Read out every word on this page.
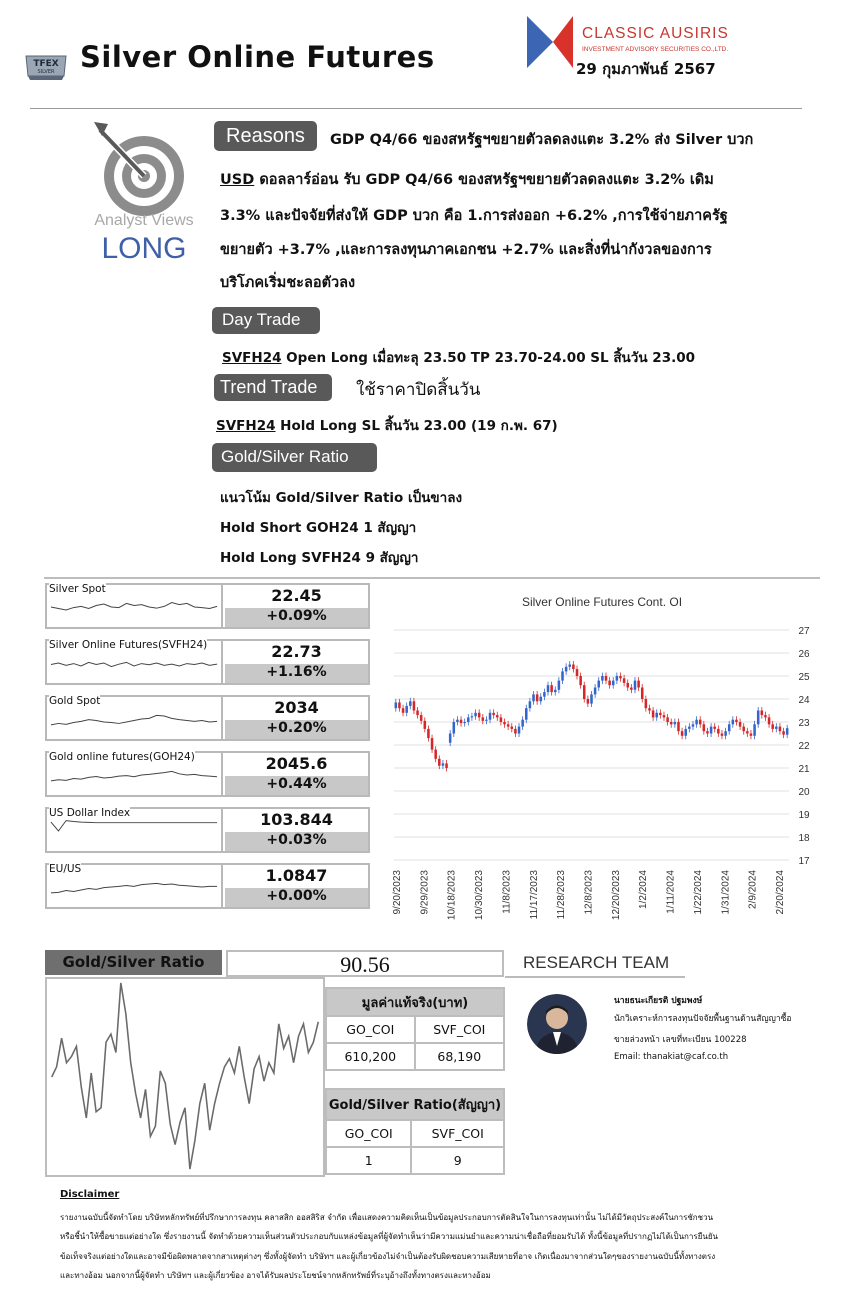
TFEX
SILVER Silver Online Futures
CLASSIC AUSIRIS
INVESTMENT ADVISORY SECURITIES CO.,LTD.
29 กุมภาพันธ์ 2567
Analyst Views
LONG
Reasons	GDP Q4/66 ของสหรัฐฯขยายตัวลดลงแตะ 3.2% ส่ง Silver บวก
USD ดอลลาร์อ่อน รับ GDP Q4/66 ของสหรัฐฯขยายตัวลดลงแตะ 3.2% เดิม
3.3% และปัจจัยที่ส่งให้ GDP บวก คือ 1.การส่งออก +6.2% ,การใช้จ่ายภาครัฐ
ขยายตัว +3.7% ,และการลงทุนภาคเอกชน +2.7% และสิ่งที่น่ากังวลของการ
บริโภคเริ่มชะลอตัวลง
Day Trade
SVFH24 Open Long เมื่อทะลุ 23.50 TP 23.70-24.00 SL สิ้นวัน 23.00
Trend Trade	ใช้ราคาปิดสิ้นวัน
SVFH24 Hold Long SL สิ้นวัน 23.00 (19 ก.พ. 67)
Gold/Silver Ratio
แนวโน้ม Gold/Silver Ratio เป็นขาลง
Hold Short GOH24 1 สัญญา
Hold Long SVFH24 9 สัญญา
Silver Spot	22.45
+0.09%
Silver Online Futures(SVFH24)	22.73
+1.16%
Gold Spot	2034
+0.20%
Gold online futures(GOH24)	2045.6
+0.44%
US Dollar Index	103.844
+0.03%
EU/US	1.0847
+0.00%
Silver Online Futures Cont. OI
17
18
19
20
21
22
23
24
25
26
27
9/20/2023 9/29/2023 10/18/2023 10/30/2023 11/8/2023 11/17/2023 11/28/2023 12/8/2023 12/20/2023 1/2/2024 1/11/2024 1/22/2024 1/31/2024 2/9/2024 2/20/2024
Gold/Silver Ratio	90.56
มูลค่าแท้จริง(บาท)	
GO_COI	SVF_COI
610,200	68,190
Gold/Silver Ratio(สัญญา)	
GO_COI	SVF_COI
1	9
RESEARCH TEAM
นายธนะเกียรติ ปฐมพงษ์
นักวิเคราะห์การลงทุนปัจจัยพื้นฐานด้านสัญญาซื้อ
ขายล่วงหน้า เลขที่ทะเบียน 100228
Email: thanakiat@caf.co.th
Disclaimer
รายงานฉบับนี้จัดทำโดย บริษัทหลักทรัพย์ที่ปรึกษาการลงทุน คลาสสิก ออสสิริส จำกัด เพื่อแสดงความคิดเห็นเป็นข้อมูลประกอบการตัดสินใจในการลงทุนเท่านั้น ไม่ได้มีวัตถุประสงค์ในการชักชวน
หรือชี้นำให้ซื้อขายแต่อย่างใด ซึ่งรายงานนี้ จัดทำด้วยความเห็นส่วนตัวประกอบกับแหล่งข้อมูลที่ผู้จัดทำเห็นว่ามีความแม่นยำและความน่าเชื่อถือที่ยอมรับได้ ทั้งนี้ข้อมูลที่ปรากฏไม่ได้เป็นการยืนยัน
ข้อเท็จจริงแต่อย่างใดและอาจมีข้อผิดพลาดจากสาเหตุต่างๆ ซึ่งทั้งผู้จัดทำ บริษัทฯ และผู้เกี่ยวข้องไม่จำเป็นต้องรับผิดชอบความเสียหายที่อาจ เกิดเนื่องมาจากส่วนใดๆของรายงานฉบับนี้ทั้งทางตรง
และทางอ้อม นอกจากนี้ผู้จัดทำ บริษัทฯ และผู้เกี่ยวข้อง อาจได้รับผลประโยชน์จากหลักทรัพย์ที่ระบุอ้างถึงทั้งทางตรงและทางอ้อม
